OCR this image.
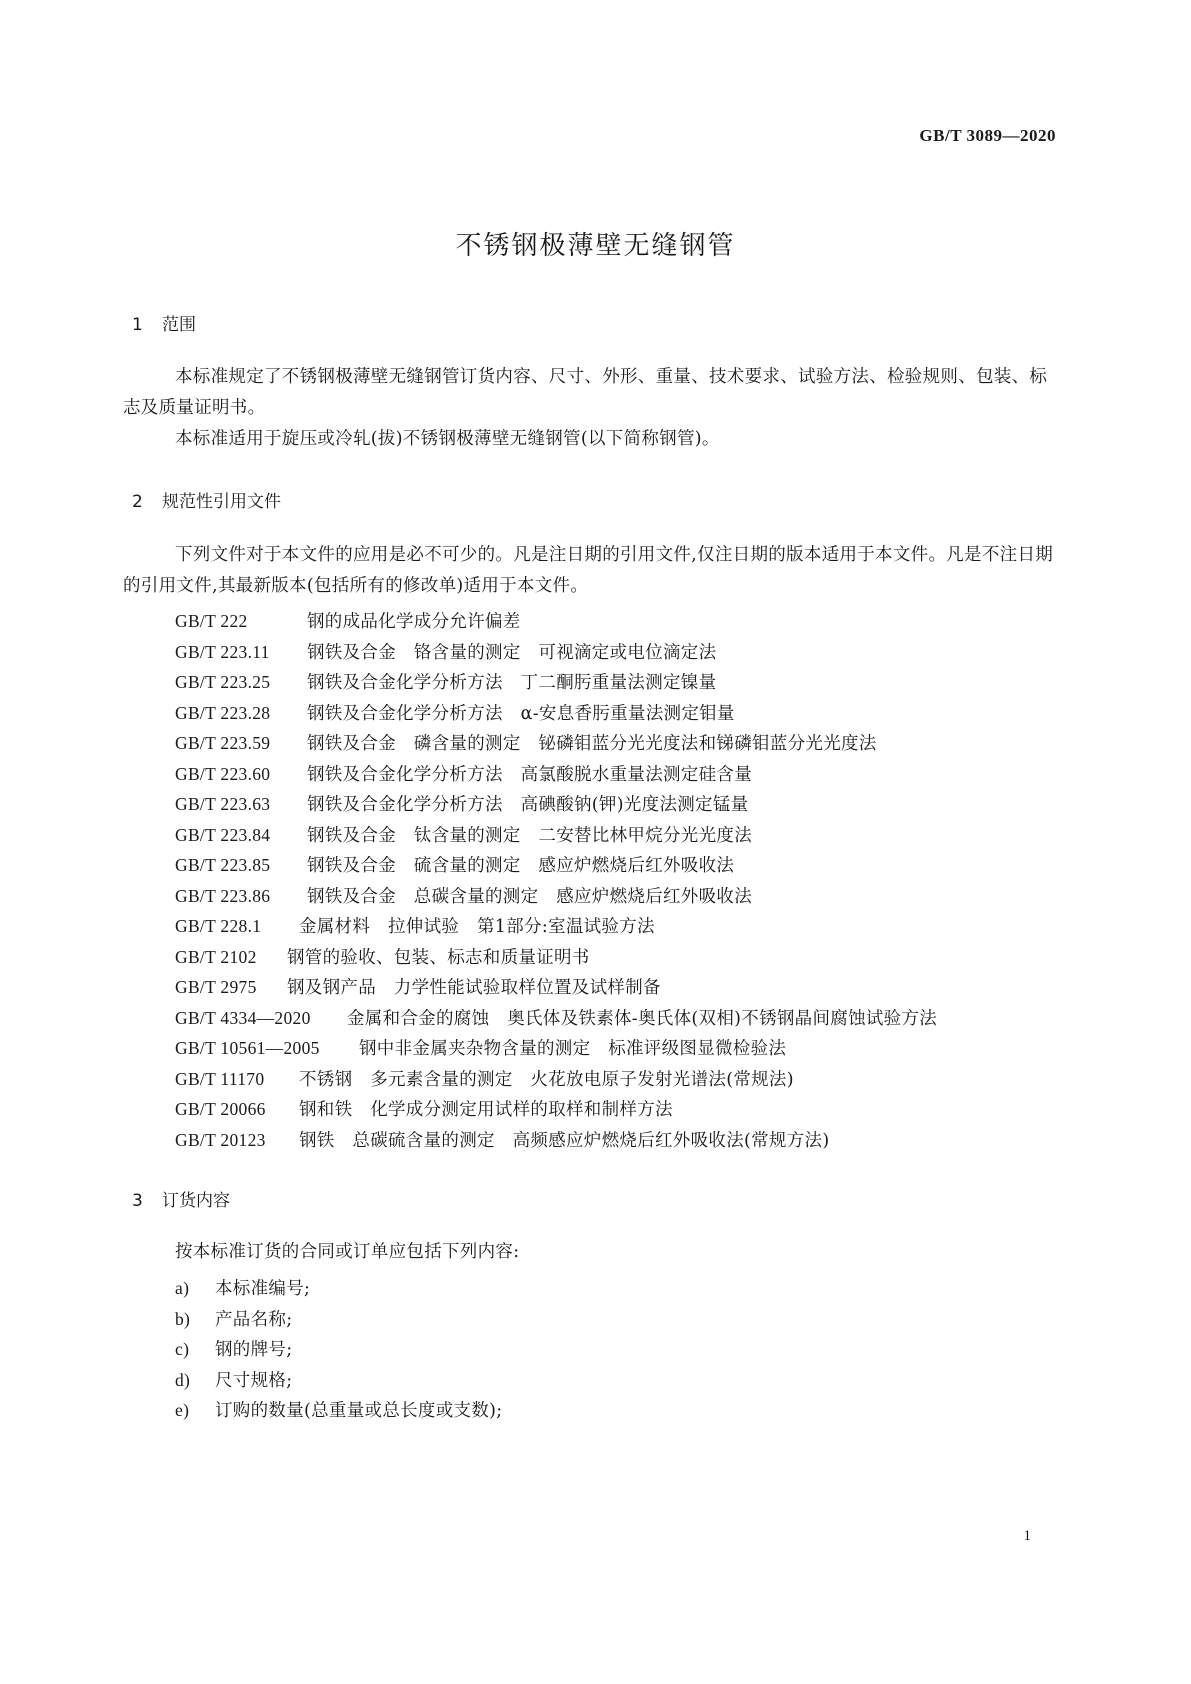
GB/T 3089—2020
不锈钢极薄壁无缝钢管
1 范围
本标准规定了不锈钢极薄壁无缝钢管订货内容、尺寸、外形、重量、技术要求、试验方法、检验规则、包装、标志及质量证明书。
本标准适用于旋压或冷轧(拔)不锈钢极薄壁无缝钢管(以下简称钢管)。
2 规范性引用文件
下列文件对于本文件的应用是必不可少的。凡是注日期的引用文件,仅注日期的版本适用于本文件。凡是不注日期的引用文件,其最新版本(包括所有的修改单)适用于本文件。
GB/T 222	钢的成品化学成分允许偏差
GB/T 223.11 钢铁及合金　铬含量的测定　可视滴定或电位滴定法
GB/T 223.25 钢铁及合金化学分析方法　丁二酮肟重量法测定镍量
GB/T 223.28 钢铁及合金化学分析方法　α-安息香肟重量法测定钼量
GB/T 223.59 钢铁及合金　磷含量的测定　铋磷钼蓝分光光度法和锑磷钼蓝分光光度法
GB/T 223.60 钢铁及合金化学分析方法　高氯酸脱水重量法测定硅含量
GB/T 223.63 钢铁及合金化学分析方法　高碘酸钠(钾)光度法测定锰量
GB/T 223.84 钢铁及合金　钛含量的测定　二安替比林甲烷分光光度法
GB/T 223.85 钢铁及合金　硫含量的测定　感应炉燃烧后红外吸收法
GB/T 223.86 钢铁及合金　总碳含量的测定　感应炉燃烧后红外吸收法
GB/T 228.1 金属材料　拉伸试验　第1部分:室温试验方法
GB/T 2102 钢管的验收、包装、标志和质量证明书
GB/T 2975 钢及钢产品　力学性能试验取样位置及试样制备
GB/T 4334—2020 金属和合金的腐蚀　奥氏体及铁素体-奥氏体(双相)不锈钢晶间腐蚀试验方法
GB/T 10561—2005 钢中非金属夹杂物含量的测定　标准评级图显微检验法
GB/T 11170 不锈钢　多元素含量的测定　火花放电原子发射光谱法(常规法)
GB/T 20066 钢和铁　化学成分测定用试样的取样和制样方法
GB/T 20123 钢铁　总碳硫含量的测定　高频感应炉燃烧后红外吸收法(常规方法)
3 订货内容
按本标准订货的合同或订单应包括下列内容:
a) 本标准编号;
b) 产品名称;
c) 钢的牌号;
d) 尺寸规格;
e) 订购的数量(总重量或总长度或支数);
1
